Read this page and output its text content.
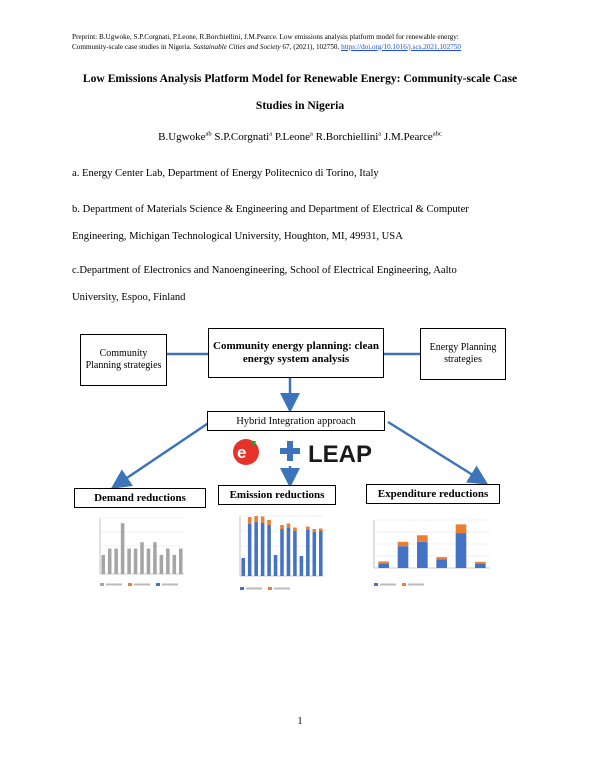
Preprint: B.Ugwoke, S.P.Corgnati, P.Leone, R.Borchiellini, J.M.Pearce. Low emissions analysis platform model for renewable energy:
Community-scale case studies in Nigeria. Sustainable Cities and Society 67, (2021), 102750. https://doi.org/10.1016/j.scs.2021.102750
Low Emissions Analysis Platform Model for Renewable Energy: Community-scale Case
Studies in Nigeria
B.Ugwoke$^{ab}$ S.P.Corgnati$^a$ P.Leone$^a$ R.Borchiellini$^a$ J.M.Pearce$^{abc}$
a. Energy Center Lab, Department of Energy Politecnico di Torino, Italy
b. Department of Materials Science & Engineering and Department of Electrical & Computer
Engineering, Michigan Technological University, Houghton, MI, 49931, USA
c.Department of Electronics and Nanoengineering, School of Electrical Engineering, Aalto
University, Espoo, Finland
Community Planning strategies
Community energy planning: clean energy system analysis
Energy Planning strategies
Hybrid Integration approach
e	LEAP
Demand reductions	Emission reductions	Expenditure reductions
1
